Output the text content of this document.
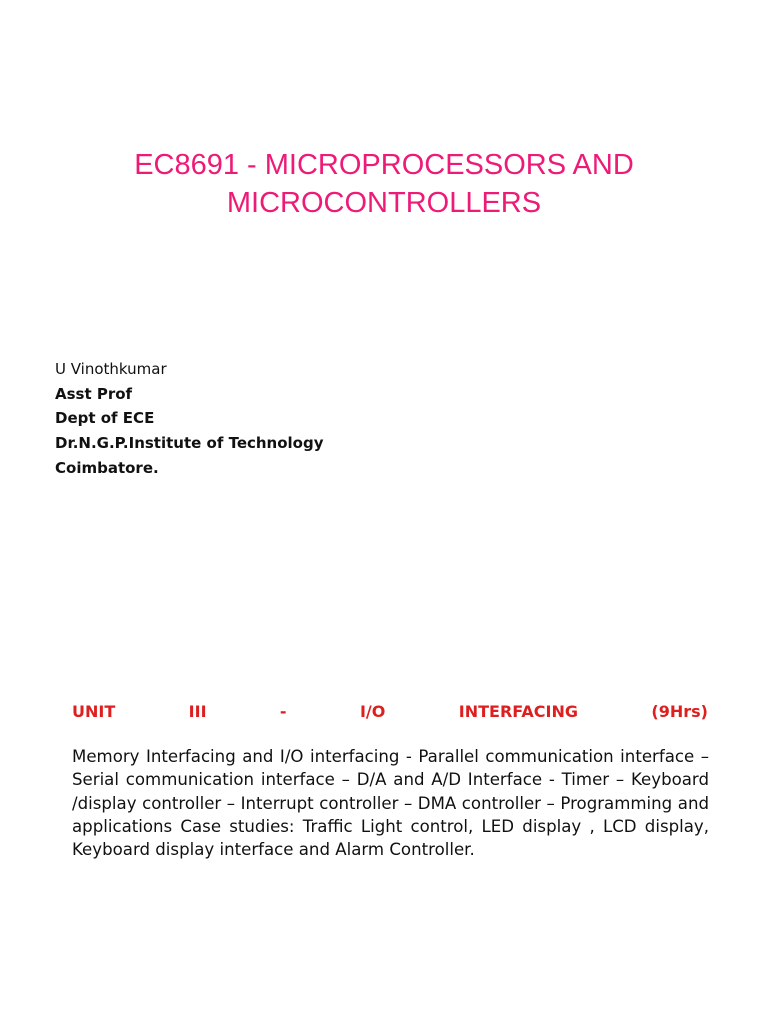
EC8691 - MICROPROCESSORS AND
MICROCONTROLLERS
U Vinothkumar
Asst Prof
Dept of ECE
Dr.N.G.P.Institute of Technology
Coimbatore.
UNIT	III	-	I/O	INTERFACING	(9Hrs)

Memory Interfacing and I/O interfacing - Parallel communication interface – Serial communication interface – D/A and A/D Interface - Timer – Keyboard /display controller – Interrupt controller – DMA controller – Programming and applications Case studies: Traffic Light control, LED display , LCD display, Keyboard display interface and Alarm Controller.
